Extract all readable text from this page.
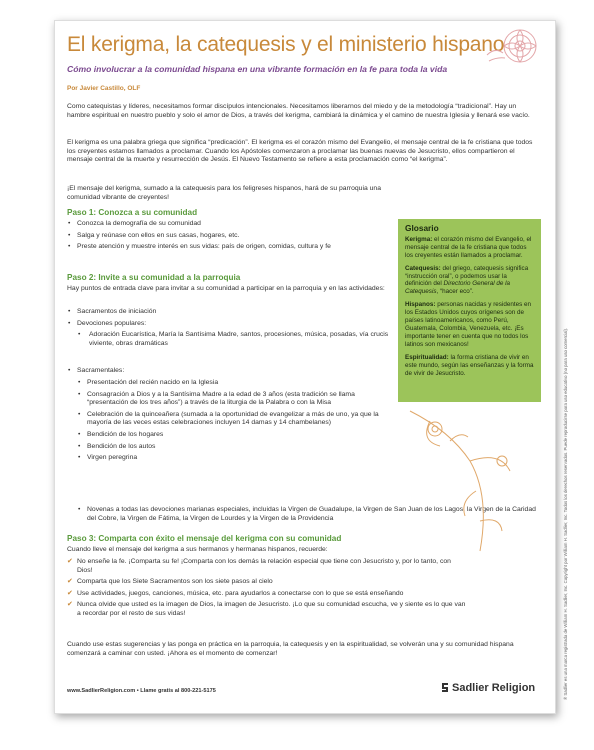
El kerigma, la catequesis y el ministerio hispano
Cómo involucrar a la comunidad hispana en una vibrante formación en la fe para toda la vida
Por Javier Castillo, OLF
Como catequistas y líderes, necesitamos formar discípulos intencionales. Necesitamos liberarnos del miedo y de la metodología “tradicional”. Hay un hambre espiritual en nuestro pueblo y solo el amor de Dios, a través del kerigma, cambiará la dinámica y el camino de nuestra Iglesia y llenará ese vacío.
El kerigma es una palabra griega que significa “predicación”. El kerigma es el corazón mismo del Evangelio, el mensaje central de la fe cristiana que todos los creyentes estamos llamados a proclamar. Cuando los Apóstoles comenzaron a proclamar las buenas nuevas de Jesucristo, ellos compartieron el mensaje central de la muerte y resurrección de Jesús. El Nuevo Testamento se refiere a esta proclamación como “el kerigma”.
¡El mensaje del kerigma, sumado a la catequesis para los feligreses hispanos, hará de su parroquia una comunidad vibrante de creyentes!
Paso 1: Conozca a su comunidad
• Conozca la demografía de su comunidad
• Salga y reúnase con ellos en sus casas, hogares, etc.
• Preste atención y muestre interés en sus vidas: país de origen, comidas, cultura y fe
Paso 2: Invite a su comunidad a la parroquia
Hay puntos de entrada clave para invitar a su comunidad a participar en la parroquia y en las actividades:
• Sacramentos de iniciación
• Devociones populares:
• Adoración Eucarística, María la Santísima Madre, santos, procesiones, música, posadas, vía crucis viviente, obras dramáticas
• Sacramentales:
• Presentación del recién nacido en la Iglesia
• Consagración a Dios y a la Santísima Madre a la edad de 3 años (esta tradición se llama “presentación de los tres años”) a través de la liturgia de la Palabra o con la Misa
• Celebración de la quinceañera (sumada a la oportunidad de evangelizar a más de uno, ya que la mayoría de las veces estas celebraciones incluyen 14 damas y 14 chambelanes)
• Bendición de los hogares
• Bendición de los autos
• Virgen peregrina
• Novenas a todas las devociones marianas especiales, incluidas la Virgen de Guadalupe, la Virgen de San Juan de los Lagos, la Virgen de la Caridad del Cobre, la Virgen de Fátima, la Virgen de Lourdes y la Virgen de la Providencia
Paso 3: Comparta con éxito el mensaje del kerigma con su comunidad
Cuando lleve el mensaje del kerigma a sus hermanos y hermanas hispanos, recuerde:
✔ No enseñe la fe. ¡Comparta su fe! ¡Comparta con los demás la relación especial que tiene con Jesucristo y, por lo tanto, con Dios!
✔ Comparta que los Siete Sacramentos son los siete pasos al cielo
✔ Use actividades, juegos, canciones, música, etc. para ayudarlos a conectarse con lo que se está enseñando
✔ Nunca olvide que usted es la imagen de Dios, la imagen de Jesucristo. ¡Lo que su comunidad escucha, ve y siente es lo que van a recordar por el resto de sus vidas!
Cuando use estas sugerencias y las ponga en práctica en la parroquia, la catequesis y en la espiritualidad, se volverán una y su comunidad hispana comenzará a caminar con usted. ¡Ahora es el momento de comenzar!
Glosario

Kerigma: el corazón mismo del Evangelio, el mensaje central de la fe cristiana que todos los creyentes están llamados a proclamar.

Catequesis: del griego, catequesis significa “instrucción oral”, o podemos usar la definición del Directorio General de la Catequesis, “hacer eco”.

Hispanos: personas nacidas y residentes en los Estados Unidos cuyos orígenes son de países latinoamericanos, como Perú, Guatemala, Colombia, Venezuela, etc. ¡Es importante tener en cuenta que no todos los latinos son mexicanos!

Espiritualidad: la forma cristiana de vivir en este mundo, según las enseñanzas y la forma de vivir de Jesucristo.

www.SadlierReligion.com • Llame gratis al 800-221-5175	Sadlier Religion	® Sadlier es una marca registrada de William H. Sadlier, Inc. Copyright por William H. Sadlier, Inc. Todos los derechos reservados. Puede reproducirse para uso educativo (no para uso comercial).
